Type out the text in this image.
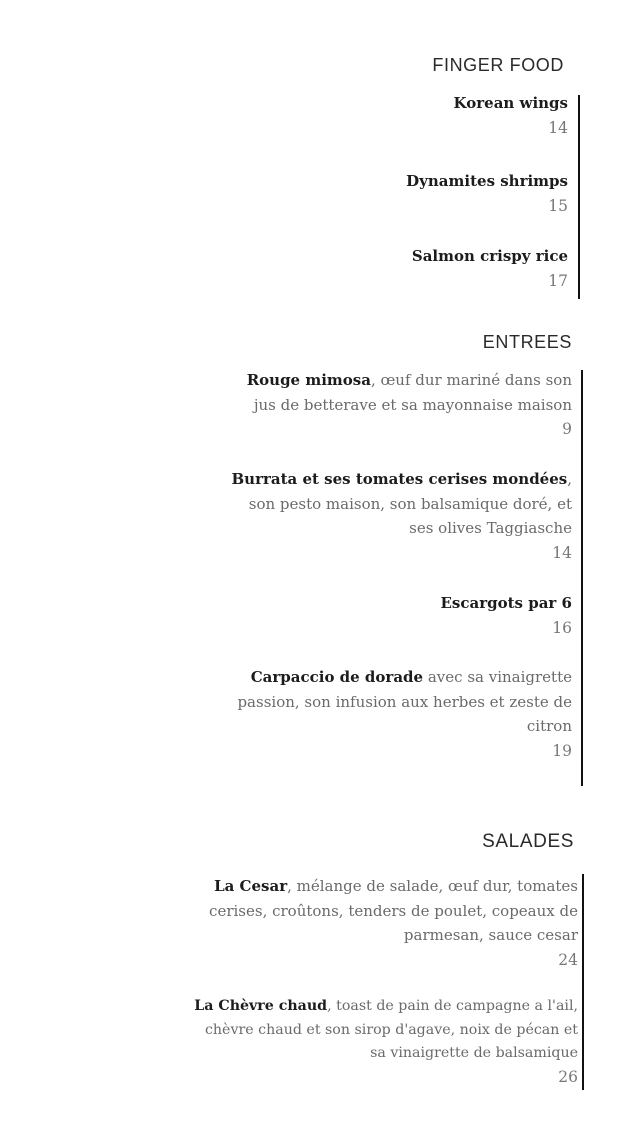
FINGER FOOD
Korean wings
14
Dynamites shrimps
15
Salmon crispy rice
17
ENTREES
Rouge mimosa, œuf dur mariné dans son
jus de betterave et sa mayonnaise maison
9
Burrata et ses tomates cerises mondées,
son pesto maison, son balsamique doré, et
ses olives Taggiasche
14
Escargots par 6
16
Carpaccio de dorade avec sa vinaigrette
passion, son infusion aux herbes et zeste de
citron
19
SALADES
La Cesar, mélange de salade, œuf dur, tomates
cerises, croûtons, tenders de poulet, copeaux de
parmesan, sauce cesar
24
La Chèvre chaud, toast de pain de campagne a l'ail,
chèvre chaud et son sirop d'agave, noix de pécan et
sa vinaigrette de balsamique
26
